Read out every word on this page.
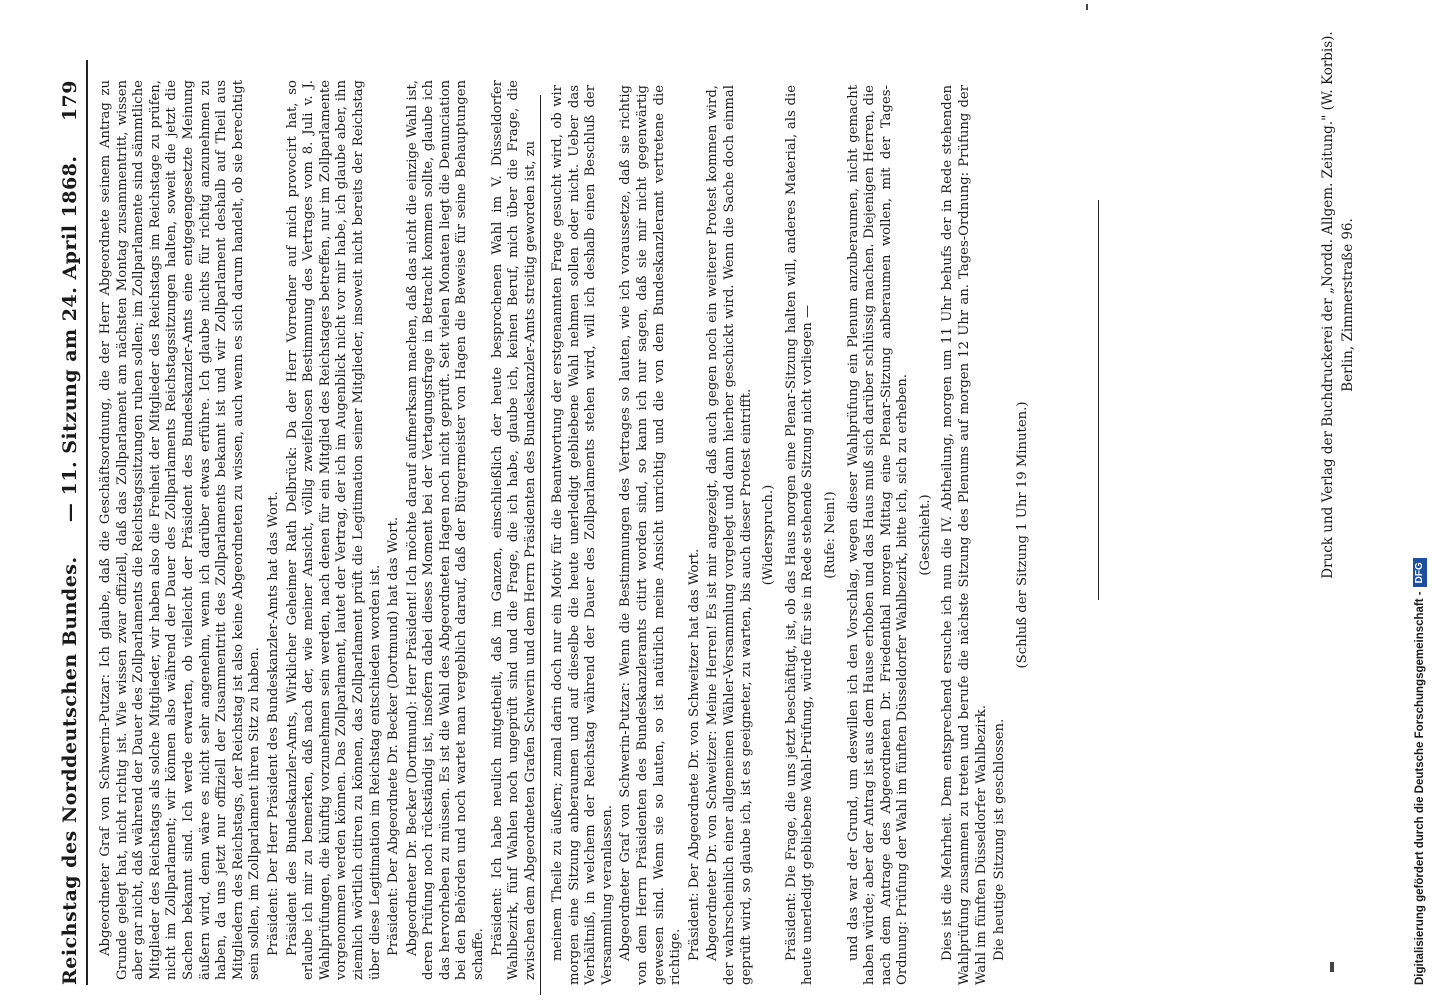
Reichstag des Norddeutschen Bundes.
— 11. Sitzung am 24. April 1868.
179 Abgeordneter Graf von Schwerin-Putzar: Ich glaube, daß die Geschäftsordnung, die der Herr Abgeordnete seinem Antrag zu Grunde gelegt hat, nicht richtig ist. Wie wissen zwar offiziell, daß das Zollparlament am nächsten Montag zusammentritt, wissen aber gar nicht, daß während der Dauer des Zollparlaments die Reichstagssitzungen ruhen sollen; im Zollparlamente sind sämmtliche Mitglieder des Reichstags als solche Mitglieder, wir haben also die Freiheit der Mitglieder des Reichstags im Reichstage zu prüfen, nicht im Zollparlament; wir können also während der Dauer des Zollparlaments Reichstagssitzungen halten, soweit die jetzt die Sachen bekannt sind. Ich werde erwarten, ob vielleicht der Präsident des Bundeskanzler-Amts eine entgegengesetzte Meinung äußern wird, denn wäre es nicht sehr angenehm, wenn ich darüber etwas erführe. Ich glaube nichts für richtig anzunehmen zu haben, da uns jetzt nur offiziell der Zusammentritt des Zollparlaments bekannt ist und wir Zollparlament deshalb auf Theil aus Mitgliedern des Reichstags, der Reichstag ist also keine Abgeordneten zu wissen, auch wenn es sich darum handelt, ob sie berechtigt sein sollen, im Zollparlament ihren Sitz zu haben. Präsident: Der Herr Präsident des Bundeskanzler-Amts hat das Wort. Präsident des Bundeskanzler-Amts, Wirklicher Geheimer Rath Delbrück: Da der Herr Vorredner auf mich provocirt hat, so erlaube ich mir zu bemerken, daß nach der, wie meiner Ansicht, völlig zweifellosen Bestimmung des Vertrages vom 8. Juli v. J. Wahlprüfungen, die künftig vorzunehmen sein werden, nach denen für ein Mitglied des Reichstages betreffen, nur im Zollparlamente vorgenommen werden können. Das Zollparlament, lautet der Vertrag, der ich im Augenblick nicht vor mir habe, ich glaube aber, ihn ziemlich wörtlich citiren zu können, das Zollparlament prüft die Legitimation seiner Mitglieder, insoweit nicht bereits der Reichstag über diese Legitimation im Reichstag entschieden worden ist. Präsident: Der Abgeordnete Dr. Becker (Dortmund) hat das Wort. Abgeordneter Dr. Becker (Dortmund): Herr Präsident! Ich möchte darauf aufmerksam machen, daß das nicht die einzige Wahl ist, deren Prüfung noch rückständig ist, insofern dabei dieses Moment bei der Vertagungsfrage in Betracht kommen sollte, glaube ich das hervorheben zu müssen. Es ist die Wahl des Abgeordneten Hagen noch nicht geprüft. Seit vielen Monaten liegt die Denunciation bei den Behörden und noch wartet man vergeblich darauf, daß der Bürgermeister von Hagen die Beweise für seine Behauptungen schaffe. Präsident: Ich habe neulich mitgetheilt, daß im Ganzen, einschließlich der heute besprochenen Wahl im V. Düsseldorfer Wahlbezirk, fünf Wahlen noch ungeprüft sind und die Frage, die ich habe, glaube ich, keinen Beruf, mich über die Frage, die zwischen dem Abgeordneten Grafen Schwerin und dem Herrn Präsidenten des Bundeskanzler-Amts streitig geworden ist, zu meinem Theile zu äußern; zumal darin doch nur ein Motiv für die Beantwortung der erstgenannten Frage gesucht wird, ob wir morgen eine Sitzung anberaumen und auf dieselbe die heute unerledigt gebliebene Wahl nehmen sollen oder nicht. Ueber das Verhältniß, in welchem der Reichstag während der Dauer des Zollparlaments stehen wird, will ich deshalb einen Beschluß der Versammlung veranlassen. Abgeordneter Graf von Schwerin-Putzar: Wenn die Bestimmungen des Vertrages so lauten, wie ich voraussetze, daß sie richtig von dem Herrn Präsidenten des Bundeskanzleramts citirt worden sind, so kann ich nur sagen, daß sie mir nicht gegenwärtig gewesen sind. Wenn sie so lauten, so ist natürlich meine Ansicht unrichtig und die von dem Bundeskanzleramt vertretene die richtige. Präsident: Der Abgeordnete Dr. von Schweitzer hat das Wort. Abgeordneter Dr. von Schweitzer: Meine Herren! Es ist mir angezeigt, daß auch gegen noch ein weiterer Protest kommen wird, der wahrscheinlich einer allgemeinen Wähler-Versammlung vorgelegt und dann hierher geschickt wird. Wenn die Sache doch einmal geprüft wird, so glaube ich, ist es geeigneter, zu warten, bis auch dieser Protest eintrifft. (Widerspruch.) Präsident: Die Frage, die uns jetzt beschäftigt, ist, ob das Haus morgen eine Plenar-Sitzung halten will, anderes Material, als die heute unerledigt gebliebene Wahl-Prüfung, würde für sie in Rede stehende Sitzung nicht vorliegen — (Rufe: Nein!) und das war der Grund, um deswillen ich den Vorschlag, wegen dieser Wahlprüfung ein Plenum anzuberaumen, nicht gemacht haben würde; aber der Antrag ist aus dem Hause erhoben und das Haus muß sich darüber schlüssig machen. Diejenigen Herren, die nach dem Antrage des Abgeordneten Dr. Friedenthal morgen Mittag eine Plenar-Sitzung anberaumen wollen, mit der Tages-Ordnung: Prüfung der Wahl im fünften Düsseldorfer Wahlbezirk, bitte ich, sich zu erheben. (Geschieht.) Dies ist die Mehrheit. Dem entsprechend ersuche ich nun die IV. Abtheilung, morgen um 11 Uhr behufs der in Rede stehenden Wahlprüfung zusammen zu treten und berufe die nächste Sitzung des Plenums auf morgen 12 Uhr an. Tages-Ordnung: Prüfung der Wahl im fünften Düsseldorfer Wahlbezirk. Die heutige Sitzung ist geschlossen.

(Schluß der Sitzung 1 Uhr 19 Minuten.)	Druck und Verlag der Buchdruckerei der „Nordd. Allgem. Zeitung." (W. Korbis). Berlin, Zimmerstraße 96.
Digitalisierung gefördert durch die Deutsche Forschungsgemeinschaft -
DFG
